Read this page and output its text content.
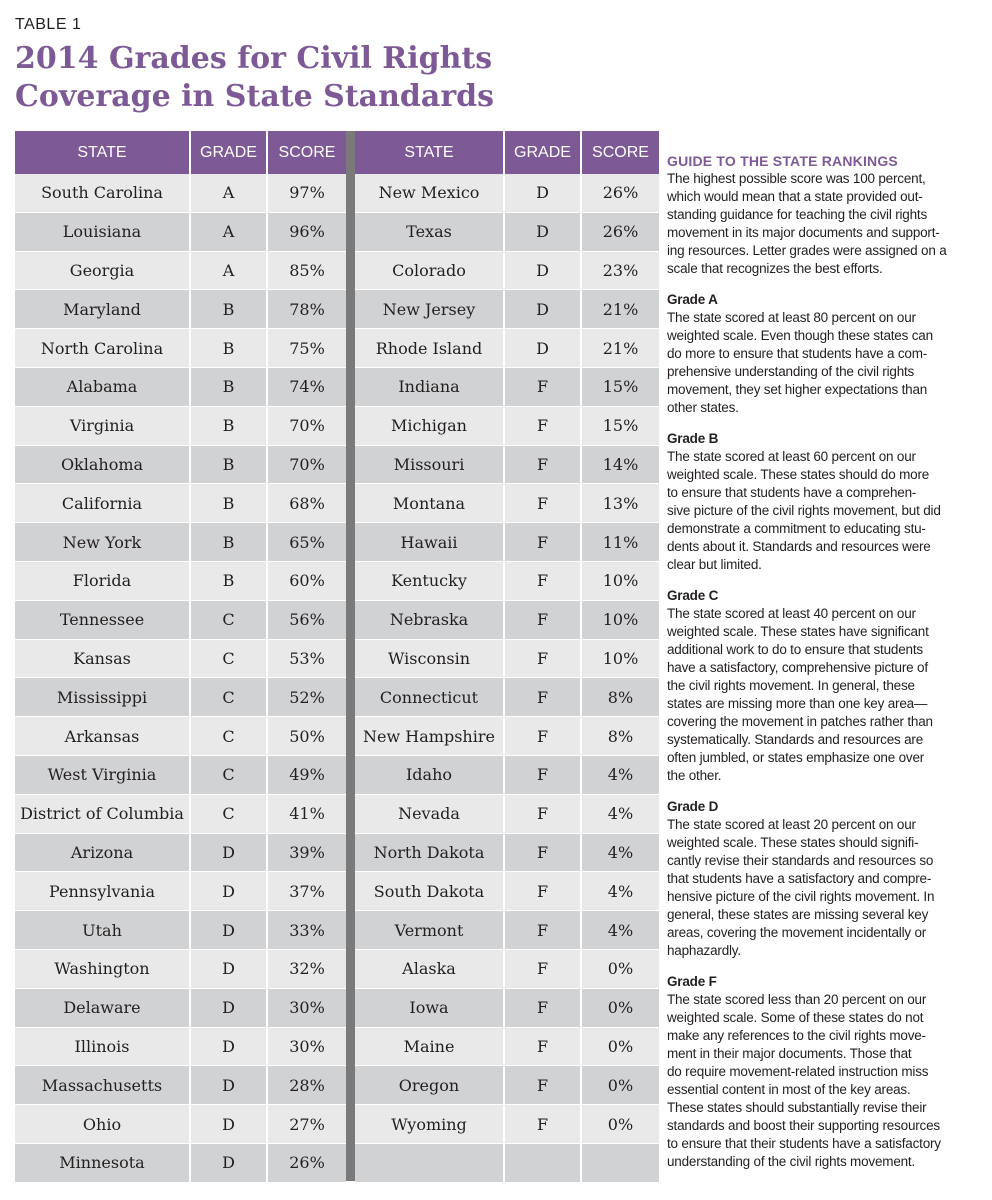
TABLE 1
2014 Grades for Civil Rights
Coverage in State Standards
STATE	GRADE	SCORE
South Carolina	A	97%
Louisiana	A	96%
Georgia	A	85%
Maryland	B	78%
North Carolina	B	75%
Alabama	B	74%
Virginia	B	70%
Oklahoma	B	70%
California	B	68%
New York	B	65%
Florida	B	60%
Tennessee	C	56%
Kansas	C	53%
Mississippi	C	52%
Arkansas	C	50%
West Virginia	C	49%
District of Columbia	C	41%
Arizona	D	39%
Pennsylvania	D	37%
Utah	D	33%
Washington	D	32%
Delaware	D	30%
Illinois	D	30%
Massachusetts	D	28%
Ohio	D	27%
Minnesota	D	26%
STATE	GRADE	SCORE
New Mexico	D	26%
Texas	D	26%
Colorado	D	23%
New Jersey	D	21%
Rhode Island	D	21%
Indiana	F	15%
Michigan	F	15%
Missouri	F	14%
Montana	F	13%
Hawaii	F	11%
Kentucky	F	10%
Nebraska	F	10%
Wisconsin	F	10%
Connecticut	F	8%
New Hampshire	F	8%
Idaho	F	4%
Nevada	F	4%
North Dakota	F	4%
South Dakota	F	4%
Vermont	F	4%
Alaska	F	0%
Iowa	F	0%
Maine	F	0%
Oregon	F	0%
Wyoming	F	0%
GUIDE TO THE STATE RANKINGS

The highest possible score was 100 percent,
which would mean that a state provided out-
standing guidance for teaching the civil rights
movement in its major documents and support-
ing resources. Letter grades were assigned on a
scale that recognizes the best efforts.

Grade A

The state scored at least 80 percent on our
weighted scale. Even though these states can
do more to ensure that students have a com-
prehensive understanding of the civil rights
movement, they set higher expectations than
other states.

Grade B

The state scored at least 60 percent on our
weighted scale. These states should do more
to ensure that students have a comprehen-
sive picture of the civil rights movement, but did
demonstrate a commitment to educating stu-
dents about it. Standards and resources were
clear but limited.

Grade C

The state scored at least 40 percent on our
weighted scale. These states have significant
additional work to do to ensure that students
have a satisfactory, comprehensive picture of
the civil rights movement. In general, these
states are missing more than one key area—
covering the movement in patches rather than
systematically. Standards and resources are
often jumbled, or states emphasize one over
the other.

Grade D

The state scored at least 20 percent on our
weighted scale. These states should signifi-
cantly revise their standards and resources so
that students have a satisfactory and compre-
hensive picture of the civil rights movement. In
general, these states are missing several key
areas, covering the movement incidentally or
haphazardly.

Grade F

The state scored less than 20 percent on our
weighted scale. Some of these states do not
make any references to the civil rights move-
ment in their major documents. Those that
do require movement-related instruction miss
essential content in most of the key areas.
These states should substantially revise their
standards and boost their supporting resources
to ensure that their students have a satisfactory
understanding of the civil rights movement.
